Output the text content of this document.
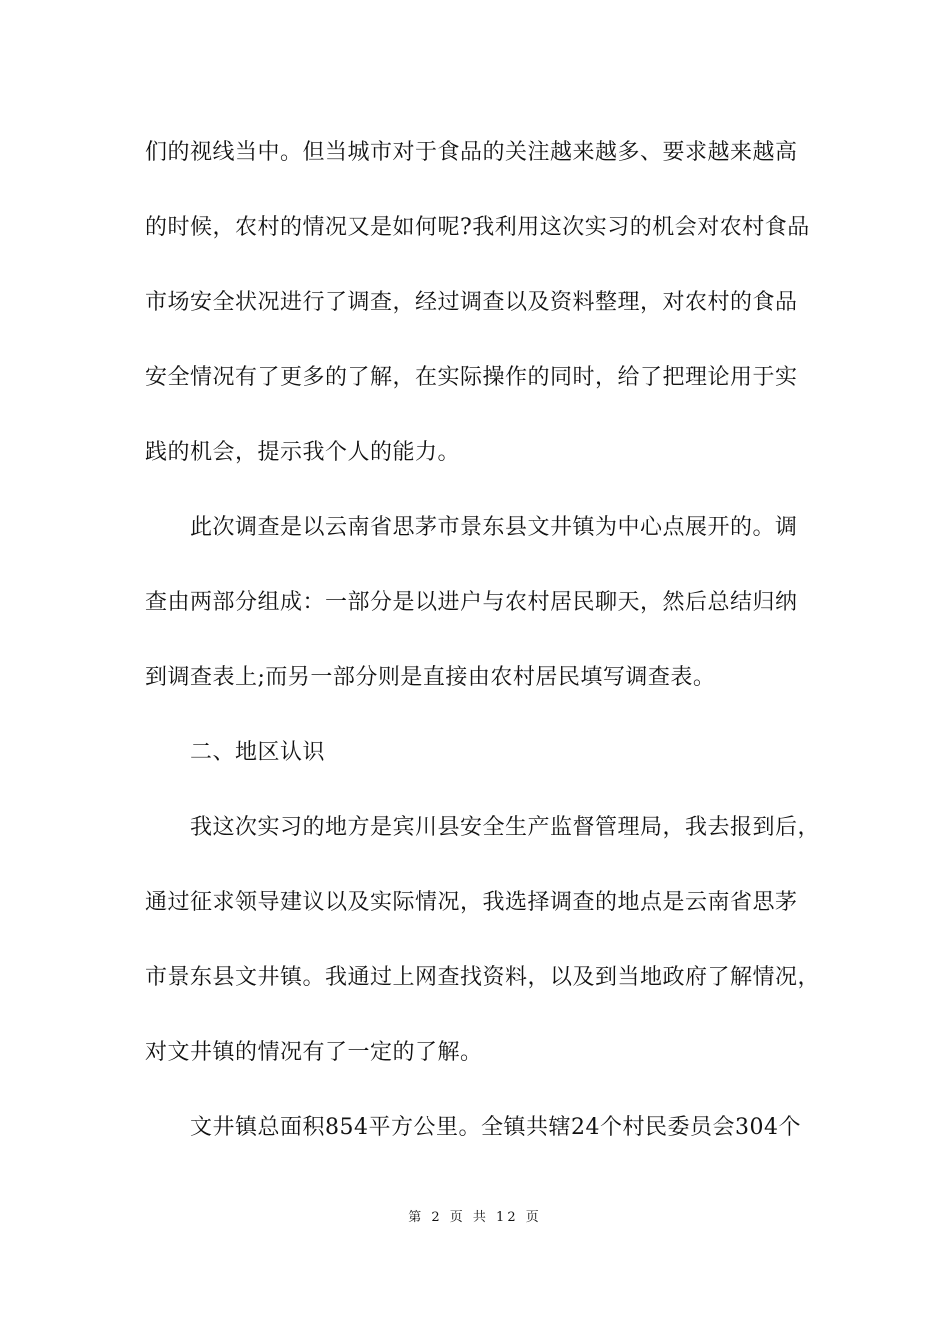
们的视线当中。但当城市对于食品的关注越来越多、要求越来越高
的时候，农村的情况又是如何呢?我利用这次实习的机会对农村食品
市场安全状况进行了调查，经过调查以及资料整理，对农村的食品
安全情况有了更多的了解，在实际操作的同时，给了把理论用于实
践的机会，提示我个人的能力。
此次调查是以云南省思茅市景东县文井镇为中心点展开的。调
查由两部分组成：一部分是以进户与农村居民聊天，然后总结归纳
到调查表上;而另一部分则是直接由农村居民填写调查表。
二、地区认识
我这次实习的地方是宾川县安全生产监督管理局，我去报到后，
通过征求领导建议以及实际情况，我选择调查的地点是云南省思茅
市景东县文井镇。我通过上网查找资料，以及到当地政府了解情况，
对文井镇的情况有了一定的了解。
文井镇总面积854平方公里。全镇共辖24个村民委员会304个
第 2 页 共 12 页
